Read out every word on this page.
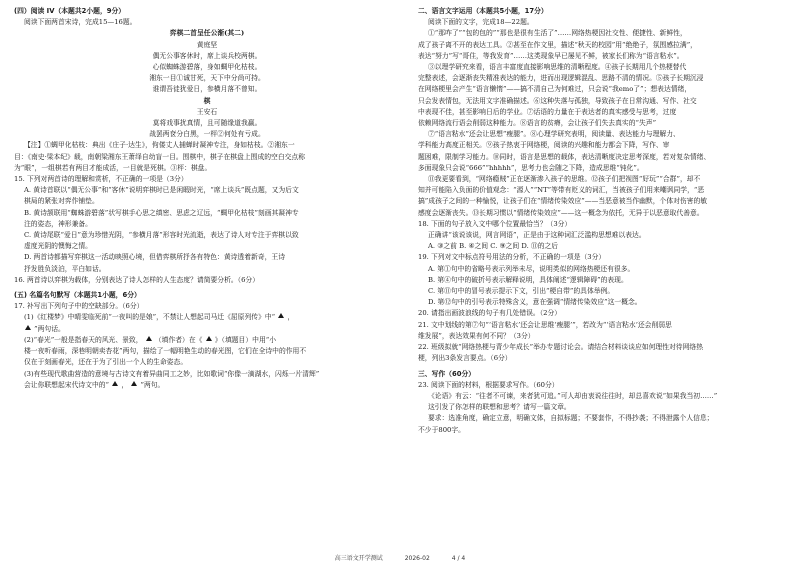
(四）阅读 IV（本题共2小题，9分）
阅读下面两首宋诗，完成15—16题。
弈棋二首呈任公渐(其二)
黄庭坚
偶无公事客休时，席上谈兵校两棋。
心似蜘蛛游碧落，身如蜩甲化枯枝。
湘东一目①诚甘死，天下中分尚可持。
谁谓吾徒犹爱日，参横月落不曾知。
棋
王安石
莫将戏事扰真情，且可随缘道我赢。
战罢两奁分白黑，一枰②何处有亏成。
【注】①蜩甲化枯枝：典出《庄子·达生》，佝偻丈人捕蝉时凝神专注，身如枯枝。②湘东一
目：《南史·梁本纪》载，南朝梁湘东王萧绎自幼盲一目。围棋中，棋子在棋盘上围成的空白交点称
为“眼”，一组棋若有两目才能成活，一目就是死棋。③枰：棋盘。
15. 下列对两首诗的理解和赏析，不正确的一项是（3分）
A. 黄诗首联以“偶无公事”和“客休”说明弈棋时已是闲暇时光，“席上谈兵”既点题，又为后文
棋局的紧张对弈作铺垫。
B. 黄诗颔联用“蜘蛛游碧落”状写棋手心思之缜密、思虑之辽远，“蜩甲化枯枝”刻画其凝神专
注的姿态，神形兼备。
C. 黄诗尾联“爱日”意为珍惜光阴，“参横月落”形容时光流逝，表达了诗人对专注于弈棋以致
虚度光阴的懊悔之情。
D. 两首诗都描写弈棋这一活动映照心境，但借弈棋所抒各有特色：黄诗透着新奇，王诗
抒发胜负淡泊，平白如话。
16. 两首诗以弈棋为载体，分别表达了诗人怎样的人生态度？请简要分析。（6分）
(五) 名篇名句默写（本题共1小题，6分）
17. 补写出下列句子中的空缺部分。（6分）
(1)《红楼梦》中晴雯临死前“一夜叫的是娘”，不禁让人想起司马迁《屈原列传》中“  ，
”两句话。
(2)“春光”一般是指春天的风光、景致，  （填作者）在《  》（填题目）中用“小
楼一夜听春雨，深巷明朝卖杏花”两句，描绘了一幅明艳生动的春光图，它们在全诗中的作用不
仅在于刻画春光，还在于为了引出一个人的生命姿态。
(3)有些现代歌曲营造的意境与古诗文有着异曲同工之妙，比如歌词“你像一滴湖水，闪烁一片清辉”
会让你联想起宋代诗文中的“  ，  ”两句。
二、语言文字运用（本题共5小题，17分）
阅读下面的文字，完成18—22题。
①“那咋了”“包的包的”“那也是很有生活了”……网络热梗因社交性、便捷性、新鲜性，
成了孩子离不开的表达工具。②甚至在作文里，描述“秋天的校园”用“绝绝子，氛围感拉满”，
表达“努力”写“哥住，等我发育”……这类现象早已屡见不鲜，被家长们称为“语言粘水”。
③以理学研究来看，语言丰富度直接影响思维的清晰程度。④孩子长期用几个热梗替代
完整表述，会逐渐丧失精准表达的能力，进而出现逻辑混乱、思路不清的情况。⑤孩子长期沉浸
在网络梗里会产生“语言懒惰”——搞不清自己为何难过，只会说“我emo了”；想表达情绪，
只会发表情包，无法用文字准确描述。⑥这种失落与孤独，导致孩子在日常沟通、写作、社交
中表现不佳，甚至影响日后的学业。⑦话语的力量在于表达者的真实感受与思考，过度
依赖网络流行语会削弱这种能力。⑧语言的贫瘠，会让孩子们失去真实的“失声”
⑦“语言粘水”还会让思想“瘦腿”。⑧心理学研究表明，阅读量、表达能力与理解力、
学科能力高度正相关。⑨孩子热衷于网络梗，阅读的兴趣和能力都会下降，写作、审
题困难，限制学习能力。⑩同时，语言是思想的载体，表达清晰度决定思考深度，若对复杂情绪、
多面现象只会说“666”“hhhhh”，思考力也会随之下降，造成思维“钝化”。
⑪我更要看到，“网络瘾贼”正在逐渐渗入孩子的思维。⑫孩子们把视图“好玩”“合群”，却不
知并可能陷入负面的价值观念：“源人”“NT”等带有贬义的词汇，当被孩子们用来嘲讽同学，“恶
搞”成孩子之间的一种愉悦，让孩子们在“情绪传染效应”——当恶意被当作幽默，个体对伤害的敏
感度会逐渐丧失。⑬长期习惯以“情绪传染效应”——这一概念为依托，无异于以恶意取代善意。
18. 下面的句子放入文中哪个位置最恰当？（3分）
正确讲“该说该说，网言网语”，正是由于这种词汇泛滥构思想难以表达。
A. ③之前 B. ④之间 C. ⑨之间 D. ⑪的之后
19. 下列对文中标点符号用法的分析，不正确的一项是（3分）
A. 第①句中的省略号表示列举未尽，说明类似的网络热梗还有很多。
B. 第④句中的破折号表示解释说明，具体阐述“逻辑障碍”的表现。
C. 第⑪句中的冒号表示提示下文，引出“梗自带”的具体举例。
D. 第⑫句中的引号表示特殊含义，意在强调“情绪传染效应”这一概念。
20. 请指出画波浪线的句子有几处错误。（2分）
21. 文中划线的第⑦句“‘语言粘水’还会让思维‘瘦腿’”，若改为“‘语言粘水’还会削弱思
维发展”，表达效果有何不同？（3分）
22. 班级拟就“网络热梗与青少年成长”举办专题讨论会。请结合材料谈谈应如何理性对待网络热
梗，列出3条发言要点。（6分）
三、写作（60分）
23. 阅读下面的材料，根据要求写作。（60分）
《论语》有云：“往者不可谏，来者犹可追。”可人却由衷说往往时，却总喜欢说“如果我当初……”
这引发了你怎样的联想和思考？请写一篇文章。
要求：选准角度，确定立意，明确文体，自拟标题；不要套作，不得抄袭；不得泄露个人信息；
不少于800字。
高三语文开学测试	2026-02	4 / 4
